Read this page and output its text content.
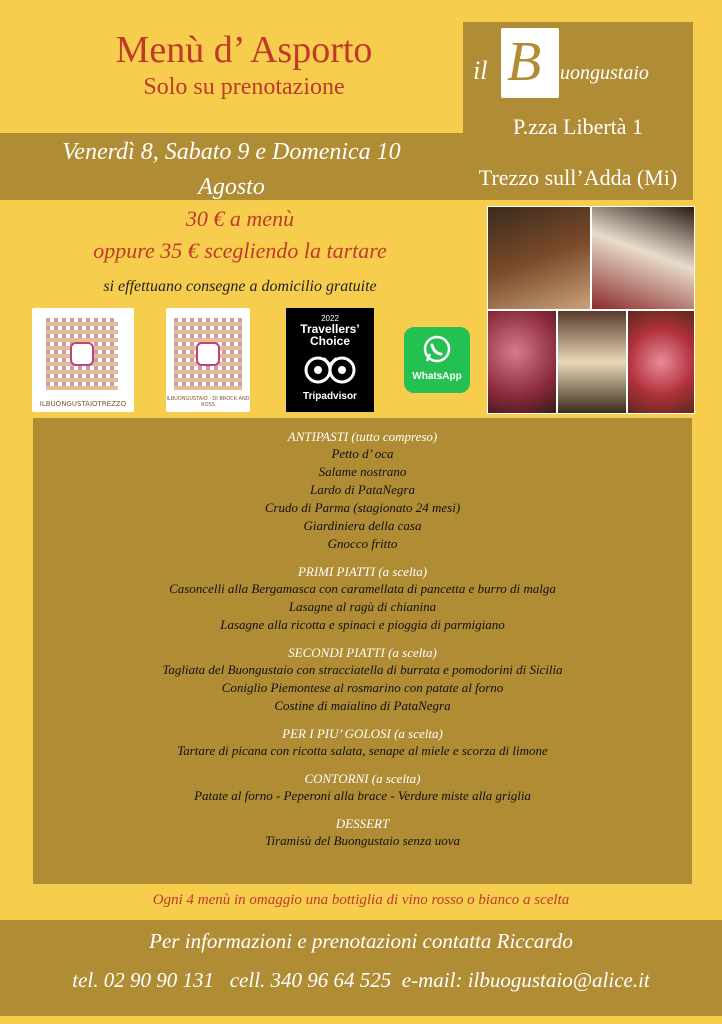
Menù d’ Asporto
Solo su prenotazione
il B uongustaio
P.zza Libertà 1
Trezzo sull’Adda (Mi)
Venerdì 8, Sabato 9 e Domenica 10
Agosto
30 € a menù
oppure 35 € scegliendo la tartare
si effettuano consegne a domicilio gratuite
ILBUONGUSTAIOTREZZO
ILBUONGUSTAIO · DI BROCK AND ROSS
2022
Travellers’
Choice
Tripadvisor
WhatsApp
ANTIPASTI (tutto compreso)
Petto d’ oca
Salame nostrano
Lardo di PataNegra
Crudo di Parma (stagionato 24 mesi)
Giardiniera della casa
Gnocco fritto
PRIMI PIATTI (a scelta)
Casoncelli alla Bergamasca con caramellata di pancetta e burro di malga
Lasagne al ragù di chianina
Lasagne alla ricotta e spinaci e pioggia di parmigiano
SECONDI PIATTI (a scelta)
Tagliata del Buongustaio con stracciatella di burrata e pomodorini di Sicilia
Coniglio Piemontese al rosmarino con patate al forno
Costine di maialino di PataNegra
PER I PIU’ GOLOSI (a scelta)
Tartare di picana con ricotta salata, senape al miele e scorza di limone
CONTORNI (a scelta)
Patate al forno - Peperoni alla brace - Verdure miste alla griglia
DESSERT
Tiramisù del Buongustaio senza uova
Ogni 4 menù in omaggio una bottiglia di vino rosso o bianco a scelta
Per informazioni e prenotazioni contatta Riccardo
tel. 02 90 90 131   cell. 340 96 64 525  e-mail: ilbuogustaio@alice.it
